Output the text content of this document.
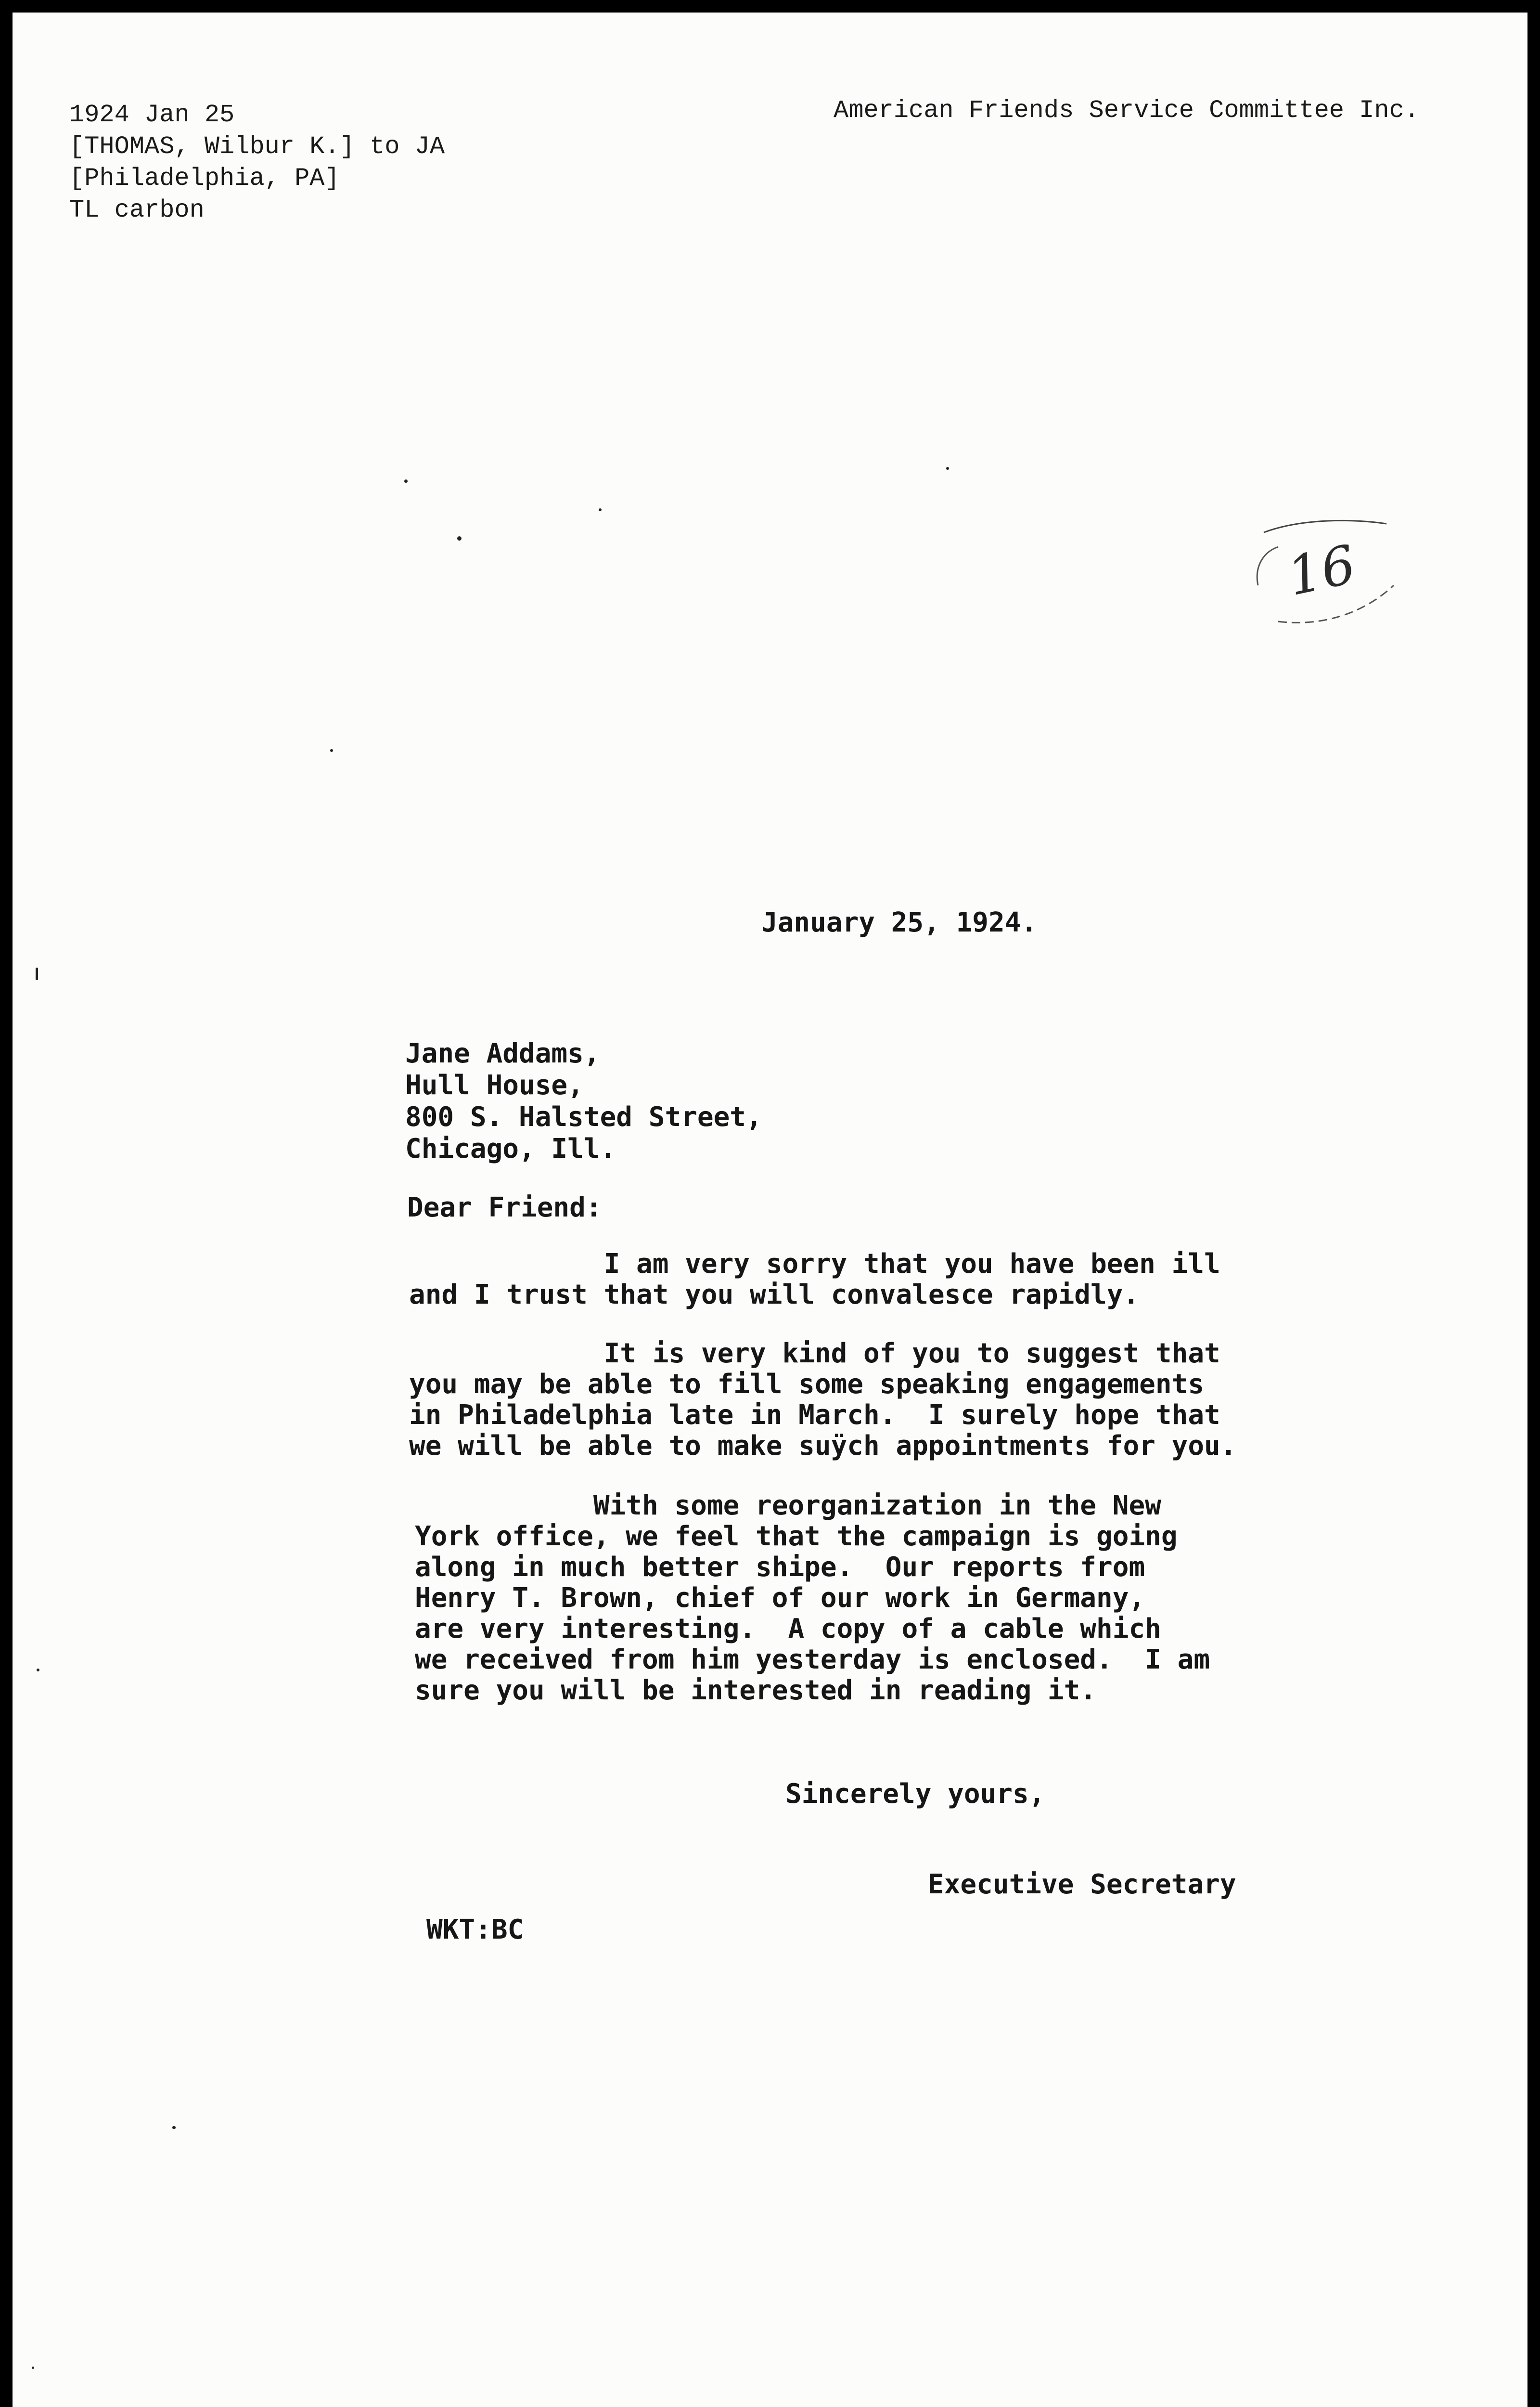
1924 Jan 25
[THOMAS, Wilbur K.] to JA
[Philadelphia, PA]
TL carbon
American Friends Service Committee Inc.
16
January 25, 1924.
Jane Addams,
Hull House,
800 S. Halsted Street,
Chicago, Ill.
Dear Friend:
I am very sorry that you have been ill
and I trust that you will convalesce rapidly.
It is very kind of you to suggest that
you may be able to fill some speaking engagements
in Philadelphia late in March.  I surely hope that
we will be able to make suÿch appointments for you.
With some reorganization in the New
York office, we feel that the campaign is going
along in much better shipe.  Our reports from
Henry T. Brown, chief of our work in Germany,
are very interesting.  A copy of a cable which
we received from him yesterday is enclosed.  I am
sure you will be interested in reading it.
Sincerely yours,
Executive Secretary
WKT:BC
